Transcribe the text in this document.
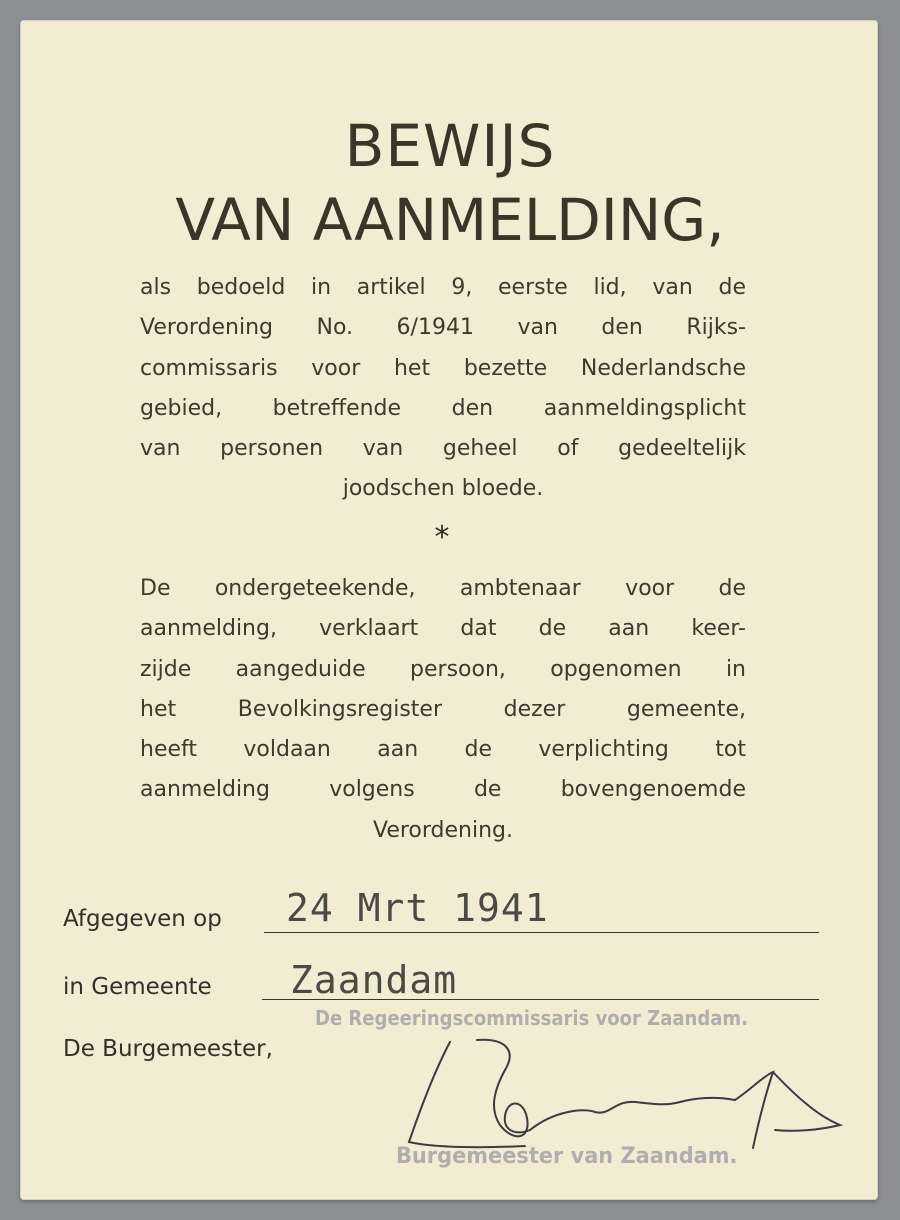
BEWIJS
VAN AANMELDING,
als bedoeld in artikel 9, eerste lid, van de
Verordening No. 6/1941 van den Rijks-
commissaris voor het bezette Nederlandsche
gebied, betreffende den aanmeldingsplicht
van personen van geheel of gedeeltelijk
joodschen bloede.
*
De ondergeteekende, ambtenaar voor de
aanmelding, verklaart dat de aan keer-
zijde aangeduide persoon, opgenomen in
het Bevolkingsregister dezer gemeente,
heeft voldaan aan de verplichting tot
aanmelding volgens de bovengenoemde
Verordening.
Afgegeven op 24 Mrt 1941
in Gemeente Zaandam
De Burgemeester,
De Regeeringscommissaris voor Zaandam.
Burgemeester van Zaandam.
